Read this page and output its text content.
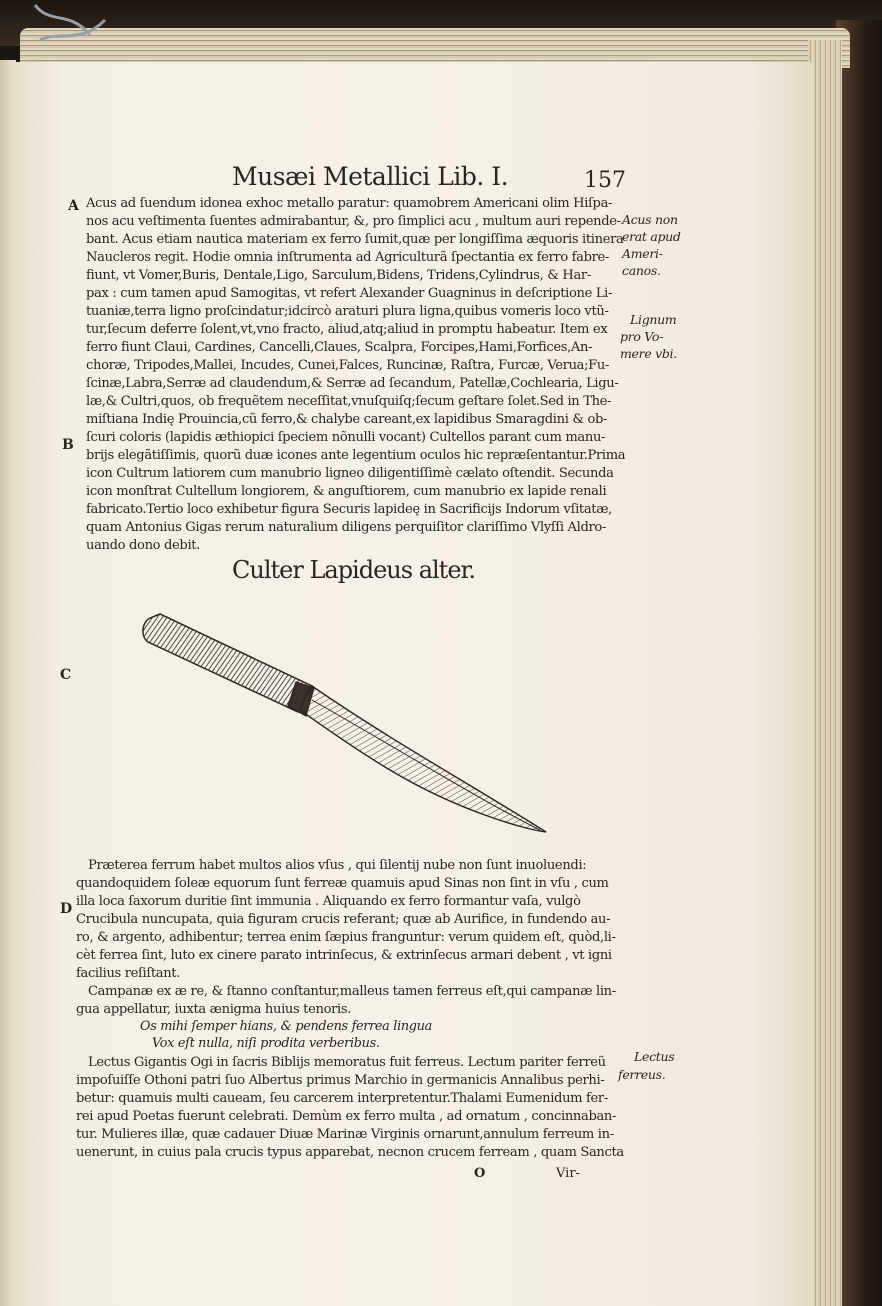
Musæi Metallici Lib. I.	157
A
B
C
D
Acus ad ſuendum idonea exhoc metallo paratur: quamobrem Americani olim Hiſpa-
nos acu veſtimenta ſuentes admirabantur, &, pro ſimplici acu , multum auri repende-
bant. Acus etiam nautica materiam ex ferro ſumit,quæ per longiſſima æquoris itinera
Naucleros regit. Hodie omnia inſtrumenta ad Agriculturã ſpectantia ex ferro fabre-
fiunt, vt Vomer,Buris, Dentale,Ligo, Sarculum,Bidens, Tridens,Cylindrus, & Har-
pax : cum tamen apud Samogitas, vt refert Alexander Guagninus in deſcriptione Li-
tuaniæ,terra ligno proſcindatur;idcircò araturi plura ligna,quibus vomeris loco vtũ-
tur,ſecum deferre ſolent,vt,vno fracto, aliud,atq;aliud in promptu habeatur. Item ex
ferro fiunt Claui, Cardines, Cancelli,Claues, Scalpra, Forcipes,Hami,Forfices,An-
choræ, Tripodes,Mallei, Incudes, Cunei,Falces, Runcinæ, Raſtra, Furcæ, Verua;Fu-
ſcinæ,Labra,Serræ ad claudendum,& Serræ ad ſecandum, Patellæ,Cochlearia, Ligu-
læ,& Cultri,quos, ob frequẽtem neceſſitat,vnuſquiſq;ſecum geſtare ſolet.Sed in The-
miſtiana Indię Prouincia,cũ ferro,& chalybe careant,ex lapidibus Smaragdini & ob-
ſcuri coloris (lapidis æthiopici ſpeciem nõnulli vocant) Cultellos parant cum manu-
brijs elegãtiſſimis, quorũ duæ icones ante legentium oculos hic repræſentantur.Prima
icon Cultrum latiorem cum manubrio ligneo diligentiſſimè cælato oſtendit. Secunda
icon monſtrat Cultellum longiorem, & anguſtiorem, cum manubrio ex lapide renali
fabricato.Tertio loco exhibetur figura Securis lapideę in Sacrificijs Indorum vſitatæ,
quam Antonius Gigas rerum naturalium diligens perquiſitor clariſſimo Vlyſſi Aldro-
uando dono debit.
Acus non
erat apud
Ameri-
canos.
Lignum
pro Vo-
mere vbi.
Lectus
ferreus.
Culter Lapideus alter.
Præterea ferrum habet multos alios vſus , qui ſilentij nube non ſunt inuoluendi:
quandoquidem ſoleæ equorum ſunt ferreæ quamuis apud Sinas non ſint in vſu , cum
illa loca ſaxorum duritie ſint immunia . Aliquando ex ferro formantur vaſa, vulgò
Crucibula nuncupata, quia figuram crucis referant; quæ ab Aurifice, in fundendo au-
ro, & argento, adhibentur; terrea enim ſæpius franguntur: verum quidem eſt, quòd,li-
cèt ferrea ſint, luto ex cinere parato intrinſecus, & extrinſecus armari debent , vt igni
facilius reſiſtant.
Campanæ ex æ re, & ſtanno conſtantur,malleus tamen ferreus eſt,qui campanæ lin-
gua appellatur, iuxta ænigma huius tenoris.
Os mihi ſemper hians, & pendens ferrea lingua
Vox eſt nulla, niſi prodita verberibus.
Lectus Gigantis Ogi in ſacris Biblijs memoratus fuit ferreus. Lectum pariter ferreũ
impoſuiſſe Othoni patri ſuo Albertus primus Marchio in germanicis Annalibus perhi-
betur: quamuis multi caueam, ſeu carcerem interpretentur.Thalami Eumenidum fer-
rei apud Poetas fuerunt celebrati. Demùm ex ferro multa , ad ornatum , concinnaban-
tur. Mulieres illæ, quæ cadauer Diuæ Marinæ Virginis ornarunt,annulum ferreum in-
uenerunt, in cuius pala crucis typus apparebat, necnon crucem ferream , quam Sancta
O	Vir-
